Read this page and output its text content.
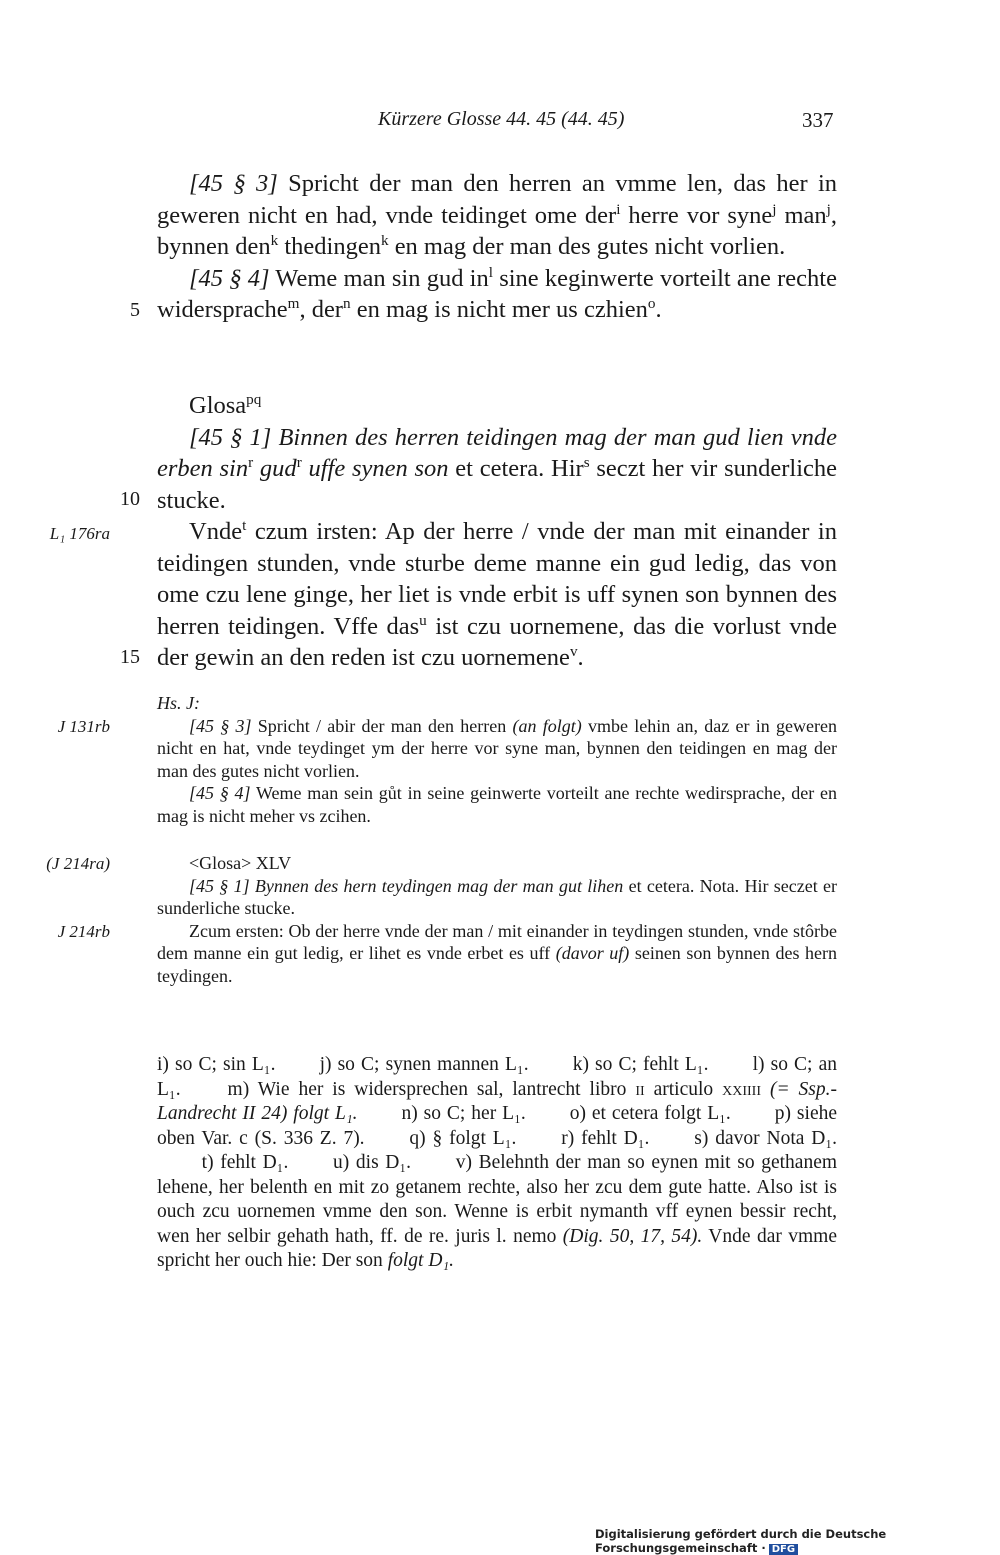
Kürzere Glosse 44. 45 (44. 45)	337

[45 § 3] Spricht der man den herren an vmme len, das her in geweren nicht en had, vnde teidinget ome der$^i$ herre vor syne$^j$ man$^j$, bynnen den$^k$ thedingen$^k$ en mag der man des gutes nicht vorlien.

[45 § 4] Weme man sin gud $in^l$ sine keginwerte vorteilt ane rechte widersprache$^m$, der$^n$ en mag is nicht mer us czhien$^o$.

Glosa$^{pq}$

[45 § 1] Binnen des herren teidingen mag der man gud lien vnde erben $\sin^r gud^r$ uffe synen son et cetera. Hir$^s$ seczt her vir sunderliche stucke.

Vnde$^t$ czum irsten: Ap der herre / vnde der man mit einander in teidingen stunden, vnde sturbe deme manne ein gud ledig, das von ome czu lene ginge, her liet is vnde erbit is uff synen son bynnen des herren teidingen. Vffe das$^u$ ist czu uornemene, das die vorlust vnde der gewin an den reden ist czu uornemene$^v$.

5
10
15
L₁ 176ra
J 131rb
(J 214ra)
J 214rb

Hs. J:

[45 § 3] Spricht / abir der man den herren (an folgt) vmbe lehin an, daz er in geweren nicht en hat, vnde teydinget ym der herre vor syne man, bynnen den teidingen en mag der man des gutes nicht vorlien.

[45 § 4] Weme man sein gůt in seine geinwerte vorteilt ane rechte wedirsprache, der en mag is nicht meher vs zcihen.

<Glosa> XLV

[45 § 1] Bynnen des hern teydingen mag der man gut lihen et cetera. Nota. Hir seczet er sunderliche stucke.

Zcum ersten: Ob der herre vnde der man / mit einander in teydingen stunden, vnde stôrbe dem manne ein gut ledig, er lihet es vnde erbet es uff (davor uf) seinen son bynnen des hern teydingen.

i) so C; sin L₁. j) so C; synen mannen L₁. k) so C; fehlt L₁. l) so C; an L₁. m) Wie her is widersprechen sal, lantrecht libro ii articulo xxiiii (= Ssp.-Landrecht II 24) folgt L₁. n) so C; her L₁. o) et cetera folgt L₁. p) siehe oben Var. c (S. 336 Z. 7). q) § folgt L₁. r) fehlt D₁. s) davor Nota D₁. t) fehlt D₁. u) dis D₁. v) Belehnth der man so eynen mit so gethanem lehene, her belenth en mit zo getanem rechte, also her zcu dem gute hatte. Also ist is ouch zcu uornemen vmme den son. Wenne is erbit nymanth vff eynen bessir recht, wen her selbir gehath hath, ff. de re. juris l. nemo (Dig. 50, 17, 54). Vnde dar vmme spricht her ouch hie: Der son folgt D₁.

Digitalisierung gefördert durch die Deutsche Forschungsgemeinschaft · DFG
